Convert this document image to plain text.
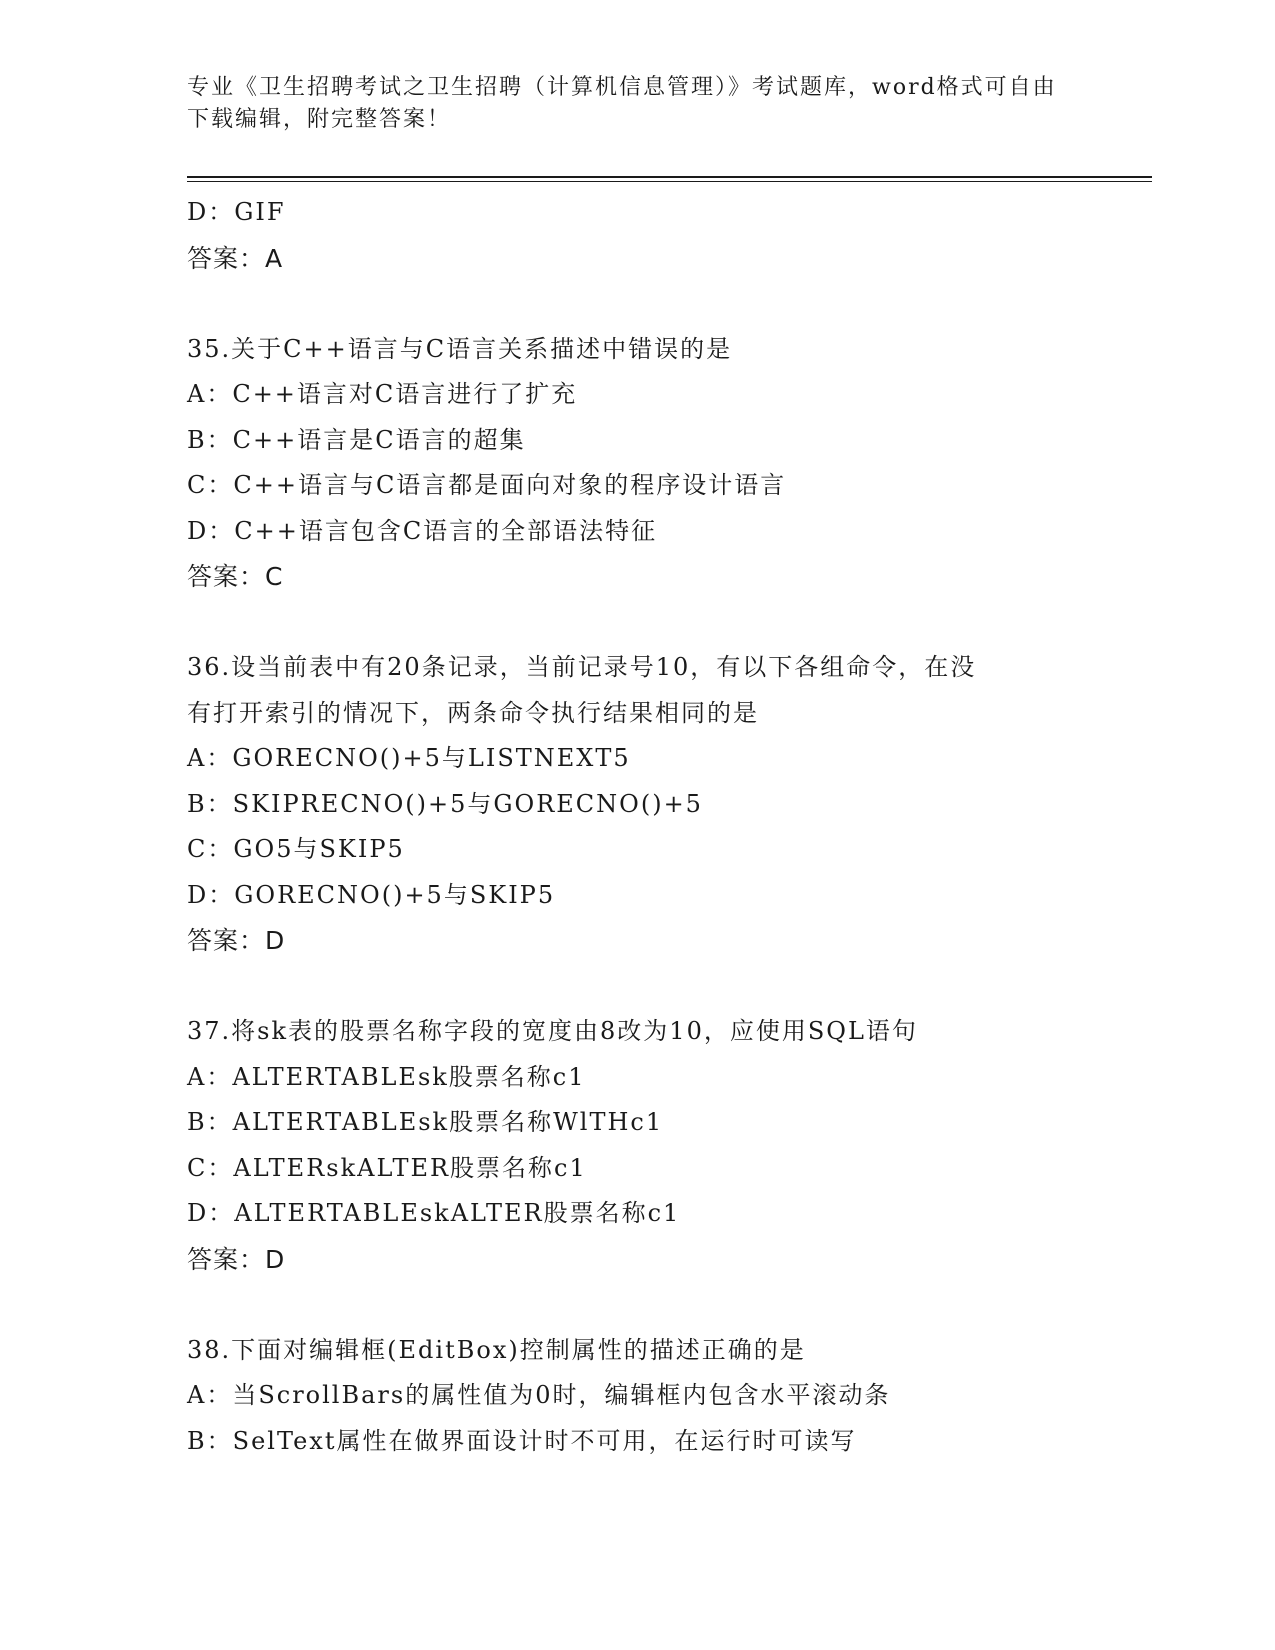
专业《卫生招聘考试之卫生招聘（计算机信息管理）》考试题库，word格式可自由下载编辑，附完整答案！
D：GIF
答案：A
35.关于C++语言与C语言关系描述中错误的是
A：C++语言对C语言进行了扩充
B：C++语言是C语言的超集
C：C++语言与C语言都是面向对象的程序设计语言
D：C++语言包含C语言的全部语法特征
答案：C
36.设当前表中有20条记录，当前记录号10，有以下各组命令，在没
有打开索引的情况下，两条命令执行结果相同的是
A：GORECNO()+5与LISTNEXT5
B：SKIPRECNO()+5与GORECNO()+5
C：GO5与SKIP5
D：GORECNO()+5与SKIP5
答案：D
37.将sk表的股票名称字段的宽度由8改为10，应使用SQL语句
A：ALTERTABLEsk股票名称c1
B：ALTERTABLEsk股票名称WlTHc1
C：ALTERskALTER股票名称c1
D：ALTERTABLEskALTER股票名称c1
答案：D
38.下面对编辑框(EditBox)控制属性的描述正确的是
A：当ScrollBars的属性值为0时，编辑框内包含水平滚动条
B：SelText属性在做界面设计时不可用，在运行时可读写
